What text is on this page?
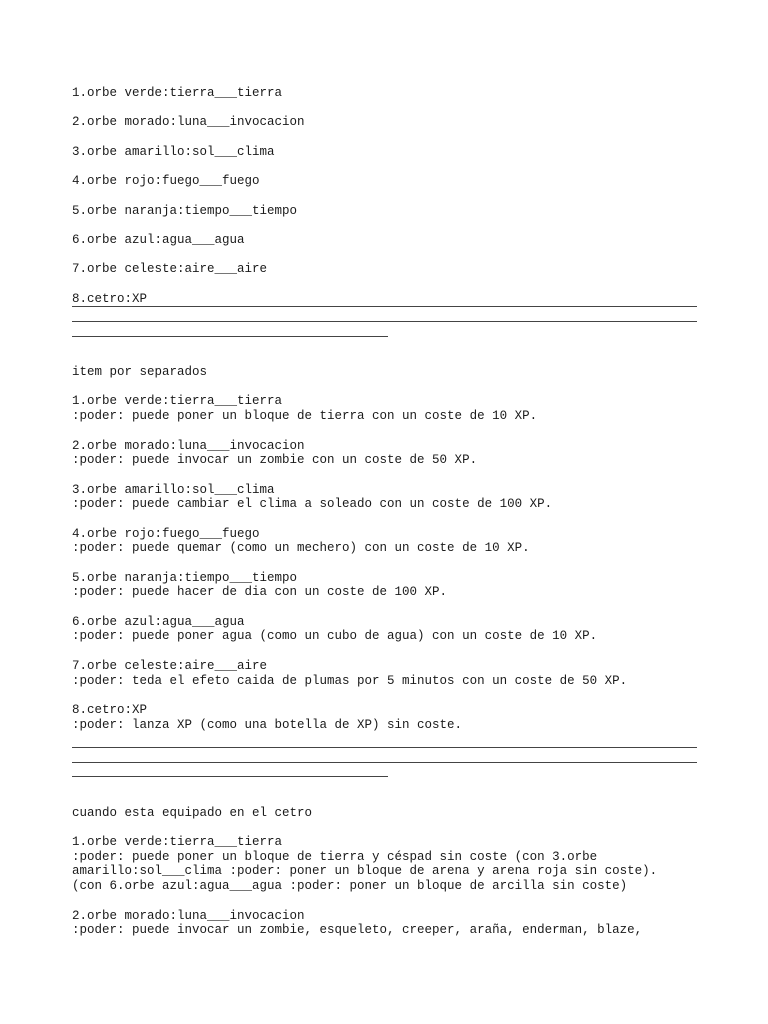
1.orbe verde:tierra___tierra
2.orbe morado:luna___invocacion
3.orbe amarillo:sol___clima
4.orbe rojo:fuego___fuego
5.orbe naranja:tiempo___tiempo
6.orbe azul:agua___agua
7.orbe celeste:aire___aire
8.cetro:XP
item por separados
1.orbe verde:tierra___tierra
:poder: puede poner un bloque de tierra con un coste de 10 XP.
2.orbe morado:luna___invocacion
:poder: puede invocar un zombie con un coste de 50 XP.
3.orbe amarillo:sol___clima
:poder: puede cambiar el clima a soleado con un coste de 100 XP.
4.orbe rojo:fuego___fuego
:poder: puede quemar (como un mechero) con un coste de 10 XP.
5.orbe naranja:tiempo___tiempo
:poder: puede hacer de dia con un coste de 100 XP.
6.orbe azul:agua___agua
:poder: puede poner agua (como un cubo de agua) con un coste de 10 XP.
7.orbe celeste:aire___aire
:poder: teda el efeto caida de plumas por 5 minutos con un coste de 50 XP.
8.cetro:XP
:poder: lanza XP (como una botella de XP) sin coste.
cuando esta equipado en el cetro
1.orbe verde:tierra___tierra
:poder: puede poner un bloque de tierra y céspad sin coste (con 3.orbe
amarillo:sol___clima :poder: poner un bloque de arena y arena roja sin coste).
(con 6.orbe azul:agua___agua :poder: poner un bloque de arcilla sin coste)
2.orbe morado:luna___invocacion
:poder: puede invocar un zombie, esqueleto, creeper, araña, enderman, blaze,
